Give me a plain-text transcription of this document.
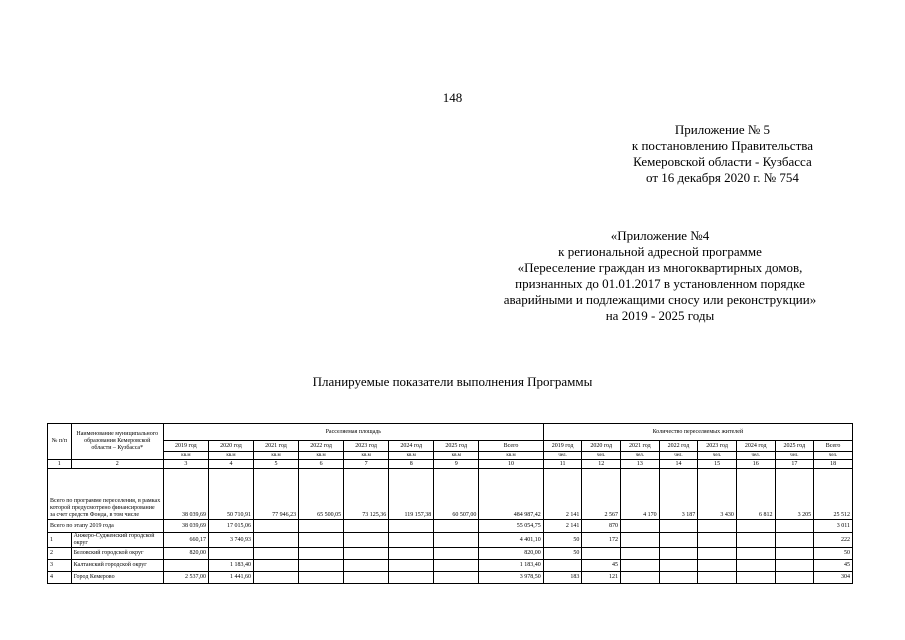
148
Приложение № 5
к постановлению Правительства
Кемеровской области - Кузбасса
от 16 декабря 2020 г. № 754
«Приложение №4
к региональной адресной программе
«Переселение граждан из многоквартирных домов,
признанных до 01.01.2017 в установленном порядке
аварийными и подлежащими сносу или реконструкции»
на 2019 - 2025 годы
Планируемые показатели выполнения Программы
№ п/п	Наименование муниципального образования Кемеровской области – Кузбасса*	Расселяемая площадь								Количество переселяемых жителей							
		2019 год	2020 год	2021 год	2022 год	2023 год	2024 год	2025 год	Всего	2019 год	2020 год	2021 год	2022 год	2023 год	2024 год	2025 год	Всего
		кв.м	кв.м	кв.м	кв.м	кв.м	кв.м	кв.м	кв.м	чел.	чел.	чел.	чел.	чел.	чел.	чел.	чел.
1	2	3	4	5	6	7	8	9	10	11	12	13	14	15	16	17	18
Всего по программе переселения, в рамках которой предусмотрено финансирование за счет средств Фонда, в том числе		38 039,69	50 710,91	77 946,23	65 500,05	73 125,36	119 157,38	60 507,00	484 987,42	2 141	2 567	4 170	3 187	3 430	6 812	3 205	25 512
Всего по этапу 2019 года		38 039,69	17 015,06						55 054,75	2 141	870						3 011
1	Анжеро-Судженский городской округ	660,17	3 740,93						4 401,10	50	172						222
2	Беловский городской округ	820,00							820,00	50							50
3	Калтанский городской округ		1 183,40						1 183,40		45						45
4	Город Кемерово	2 537,00	1 441,60						3 978,50	183	121						304
